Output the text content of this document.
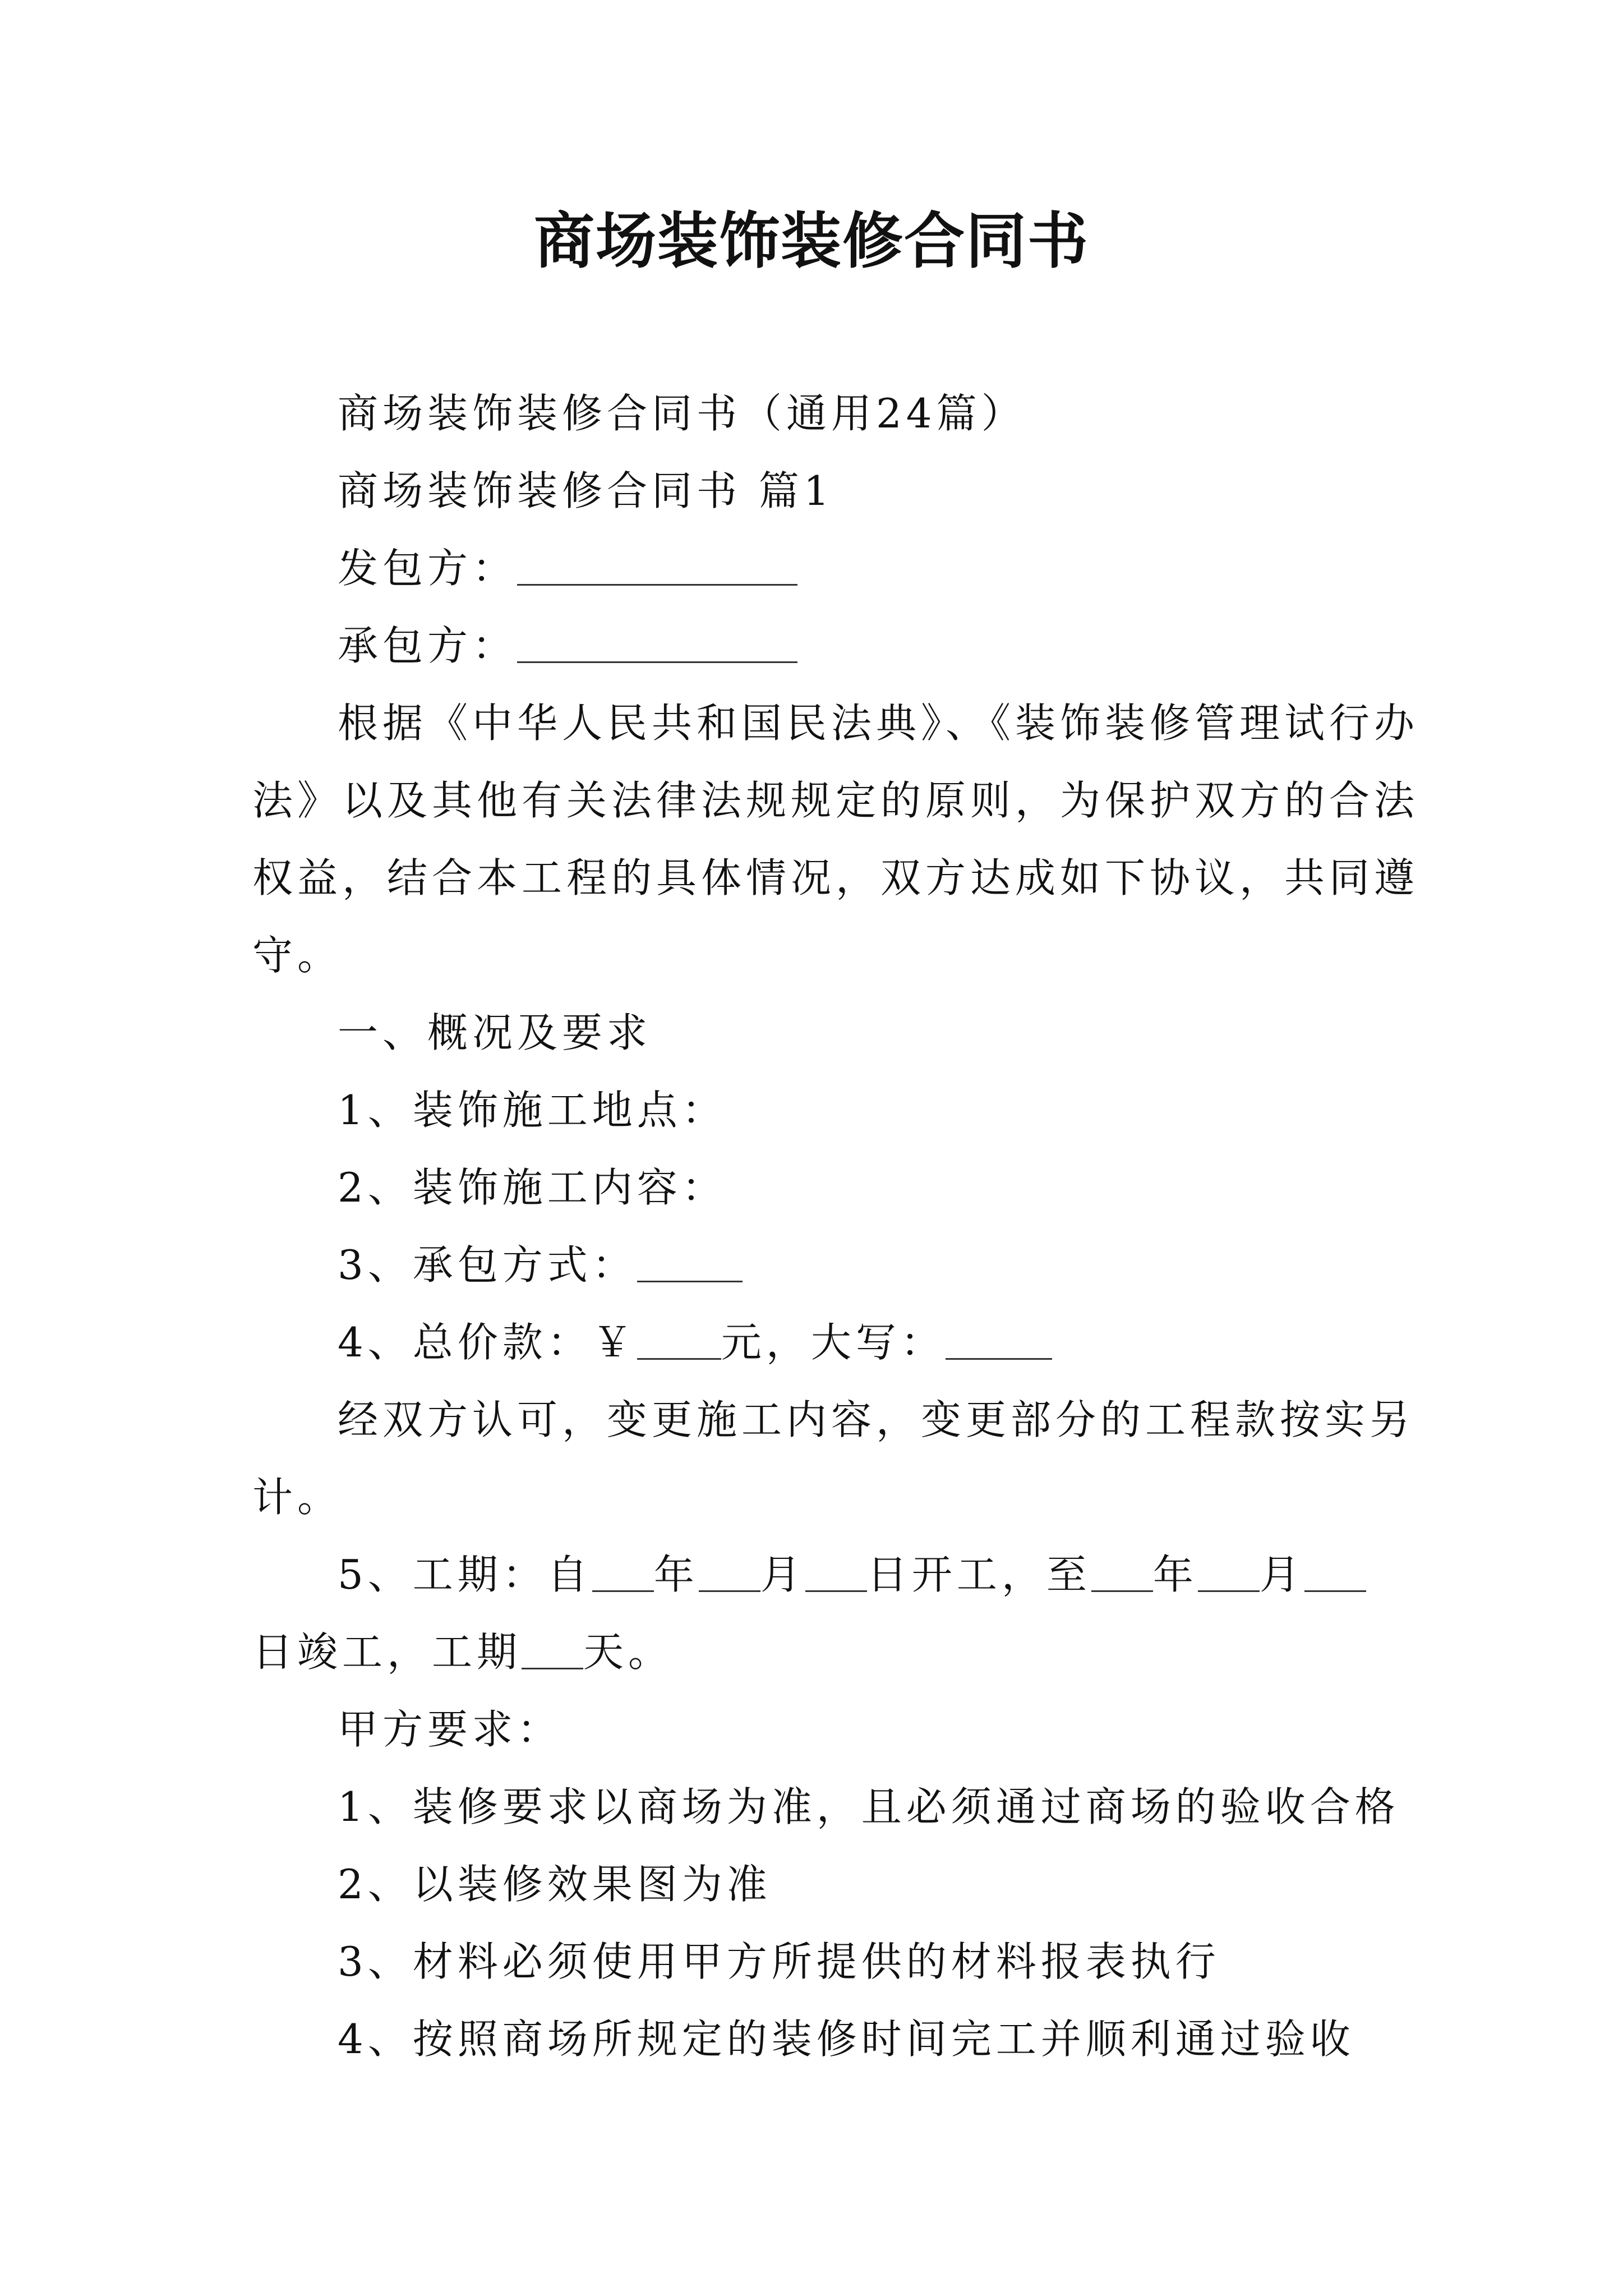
商场装饰装修合同书

商场装饰装修合同书（通用24篇）

商场装饰装修合同书 篇1

发包方：

承包方：

根据《中华人民共和国民法典》、《装饰装修管理试行办

法》以及其他有关法律法规规定的原则，为保护双方的合法

权益，结合本工程的具体情况，双方达成如下协议，共同遵

守。

一、概况及要求

1、装饰施工地点：

2、装饰施工内容：

3、承包方式：

4、总价款：￥ 元，大写：

经双方认可，变更施工内容，变更部分的工程款按实另

计。

5、工期：自 年 月 日开工，至 年 月

日竣工，工期 天。

甲方要求：

1、装修要求以商场为准，且必须通过商场的验收合格

2、以装修效果图为准

3、材料必须使用甲方所提供的材料报表执行

4、按照商场所规定的装修时间完工并顺利通过验收
